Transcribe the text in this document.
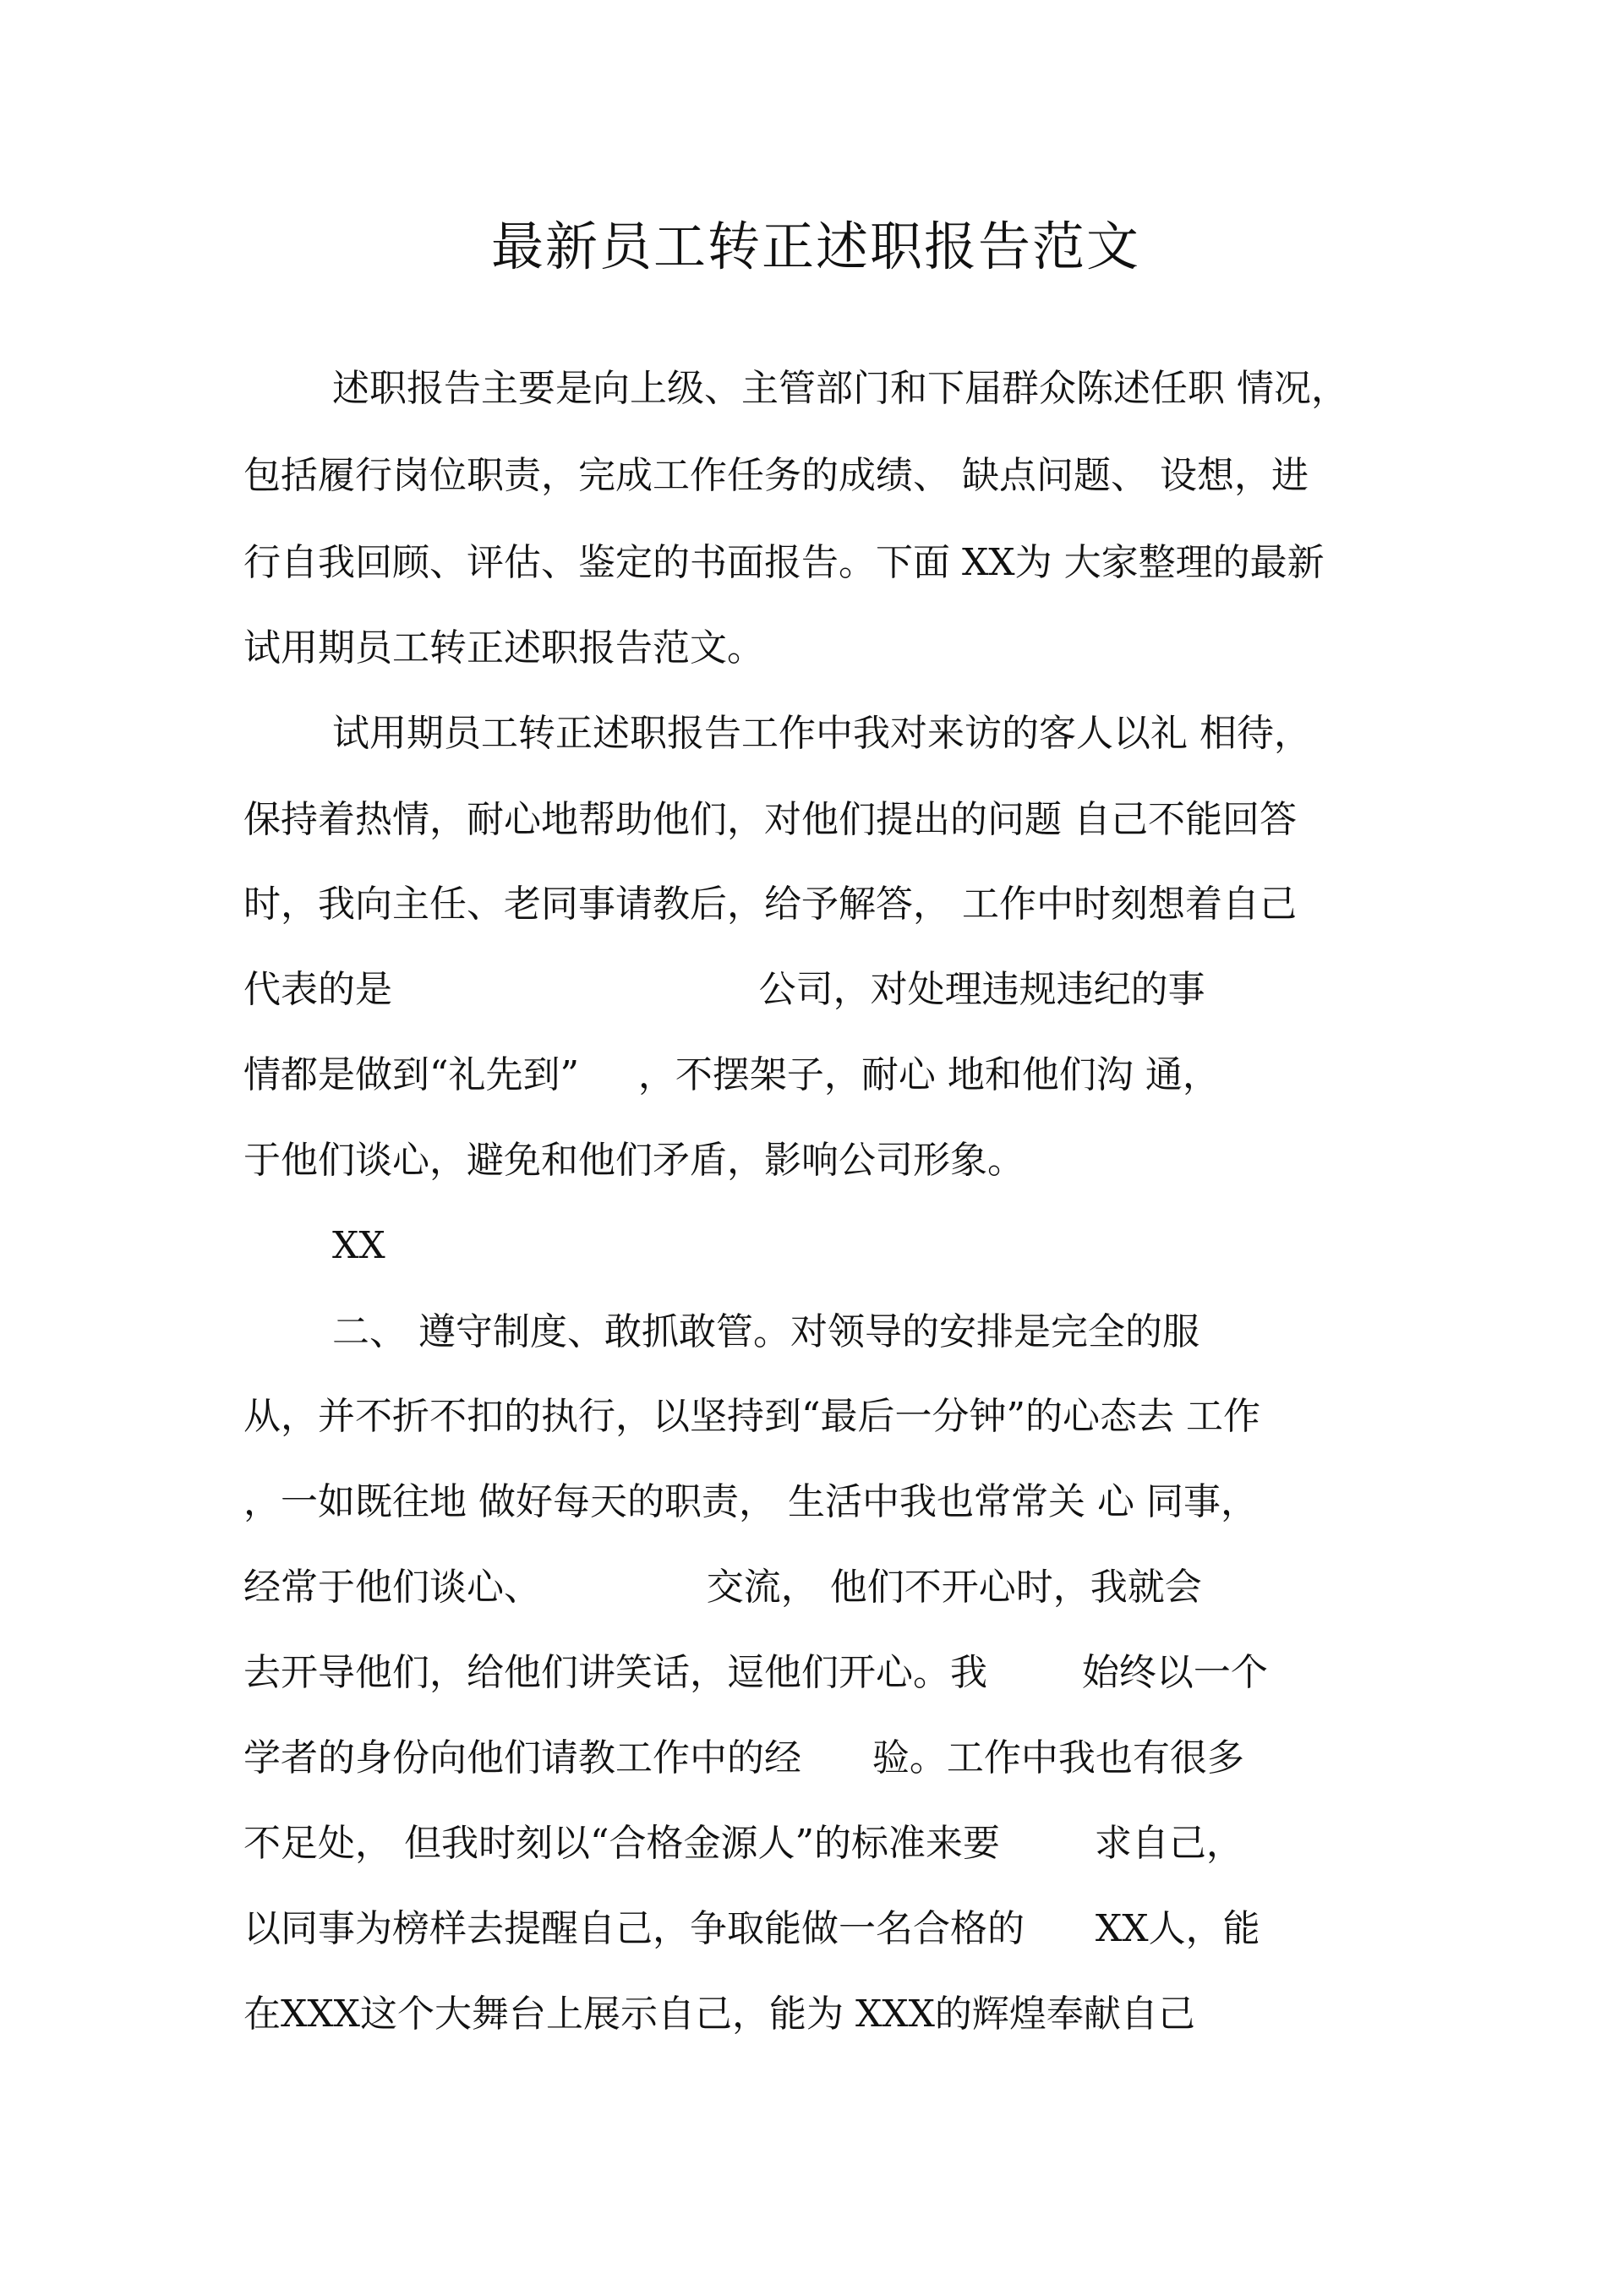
最新员工转正述职报告范文

述职报告主要是向上级、主管部门和下届群众陈述任职 情况，

包括履行岗位职责，完成工作任务的成绩、 缺点问题、 设想，进

行自我回顾、评估、鉴定的书面报告。下面 XX为 大家整理的最新

试用期员工转正述职报告范文。

试用期员工转正述职报告工作中我对来访的客人以礼 相待，

保持着热情，耐心地帮助他们，对他们提出的问题 自己不能回答

时，我向主任、老同事请教后，给予解答， 工作中时刻想着自己

代表的是                               公司，对处理违规违纪的事

情都是做到“礼先到”     ，不摆架子，耐心 地和他们沟 通，

于他们谈心，避免和他们矛盾，影响公司形象。

XX

二、 遵守制度、敢抓敢管。对领导的安排是完全的服

从，并不折不扣的执行，以坚持到“最后一分钟”的心态去 工作

，一如既往地 做好每天的职责， 生活中我也常常关 心 同事，

经常于他们谈心、              交流， 他们不开心时，我就会

去开导他们，给他们讲笑话，逗他们开心。我        始终以一个

学者的身份向他们请教工作中的经      验。工作中我也有很多

不足处， 但我时刻以“合格金源人”的标准来要        求自己，

以同事为榜样去提醒自己，争取能做一名合格的      XX人，能

在XXX这个大舞台上展示自己，能为 XXX的辉煌奉献自己
